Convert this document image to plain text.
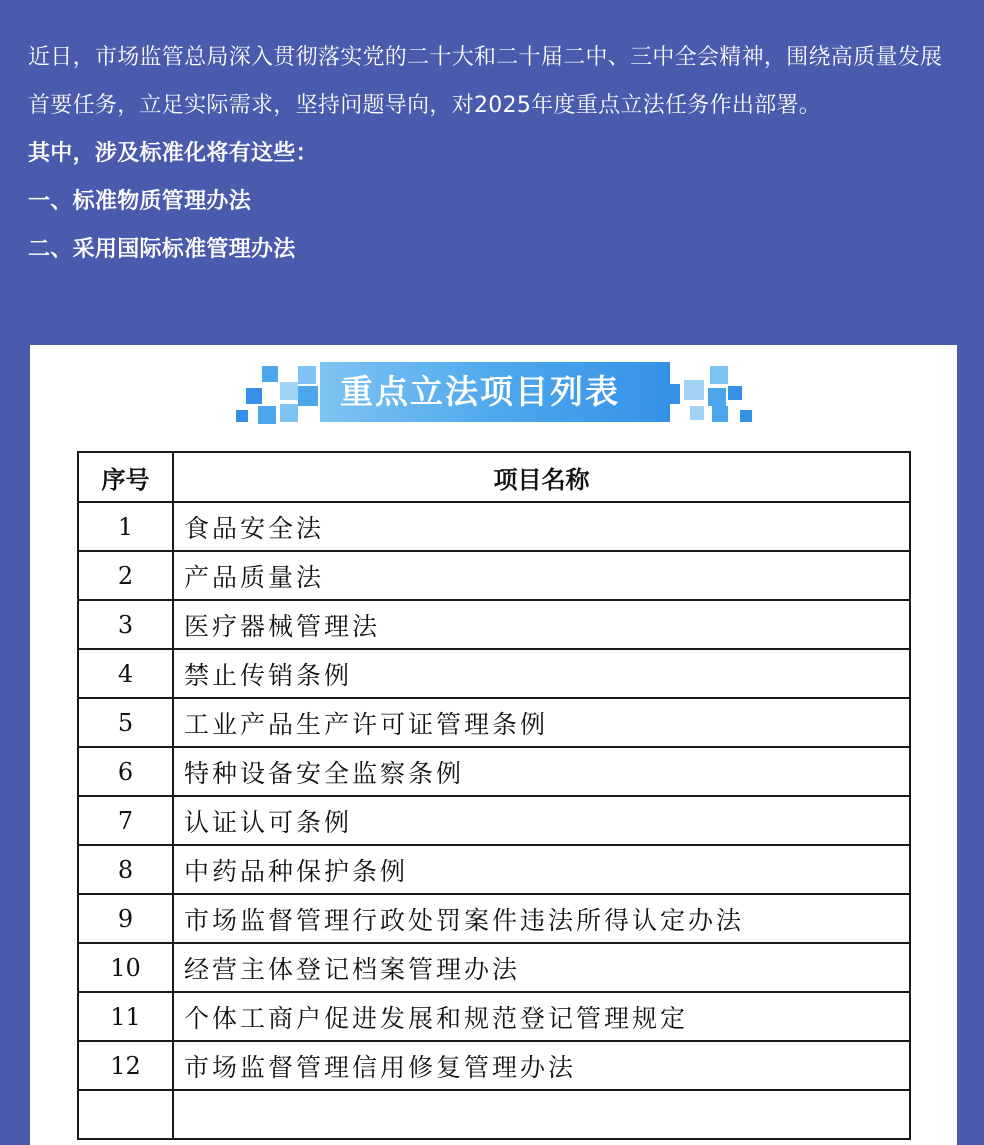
近日，市场监管总局深入贯彻落实党的二十大和二十届二中、三中全会精神，围绕高质量发展首要任务，立足实际需求，坚持问题导向，对2025年度重点立法任务作出部署。

其中，涉及标准化将有这些：

一、标准物质管理办法

二、采用国际标准管理办法

重点立法项目列表
序号	项目名称
1	食品安全法
2	产品质量法
3	医疗器械管理法
4	禁止传销条例
5	工业产品生产许可证管理条例
6	特种设备安全监察条例
7	认证认可条例
8	中药品种保护条例
9	市场监督管理行政处罚案件违法所得认定办法
10	经营主体登记档案管理办法
11	个体工商户促进发展和规范登记管理规定
12	市场监督管理信用修复管理办法
